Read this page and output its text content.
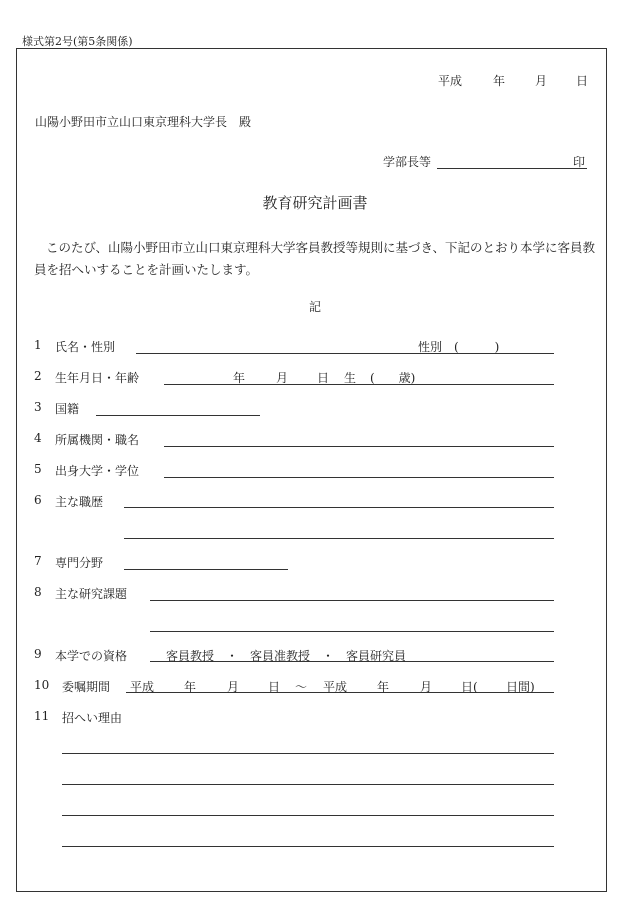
様式第2号(第5条関係)
平成	年 月 日
山陽小野田市立山口東京理科大学長　殿
学部長等	印
教育研究計画書
このたび、山陽小野田市立山口東京理科大学客員教授等規則に基づき、下記のとおり本学に客員教員を招へいすることを計画いたします。
記
1 氏名・性別	性別　(　　　)
2 生年月日・年齢	年	月 日 生 (　　歳)
3 国籍
4 所属機関・職名
5 出身大学・学位
6 主な職歴
7 専門分野
8 主な研究課題
9 本学での資格	客員教授　・　客員准教授　・　客員研究員
10 委嘱期間 平成 年	月 日 ～ 平成 年	月 日( 日間)
11 招へい理由
